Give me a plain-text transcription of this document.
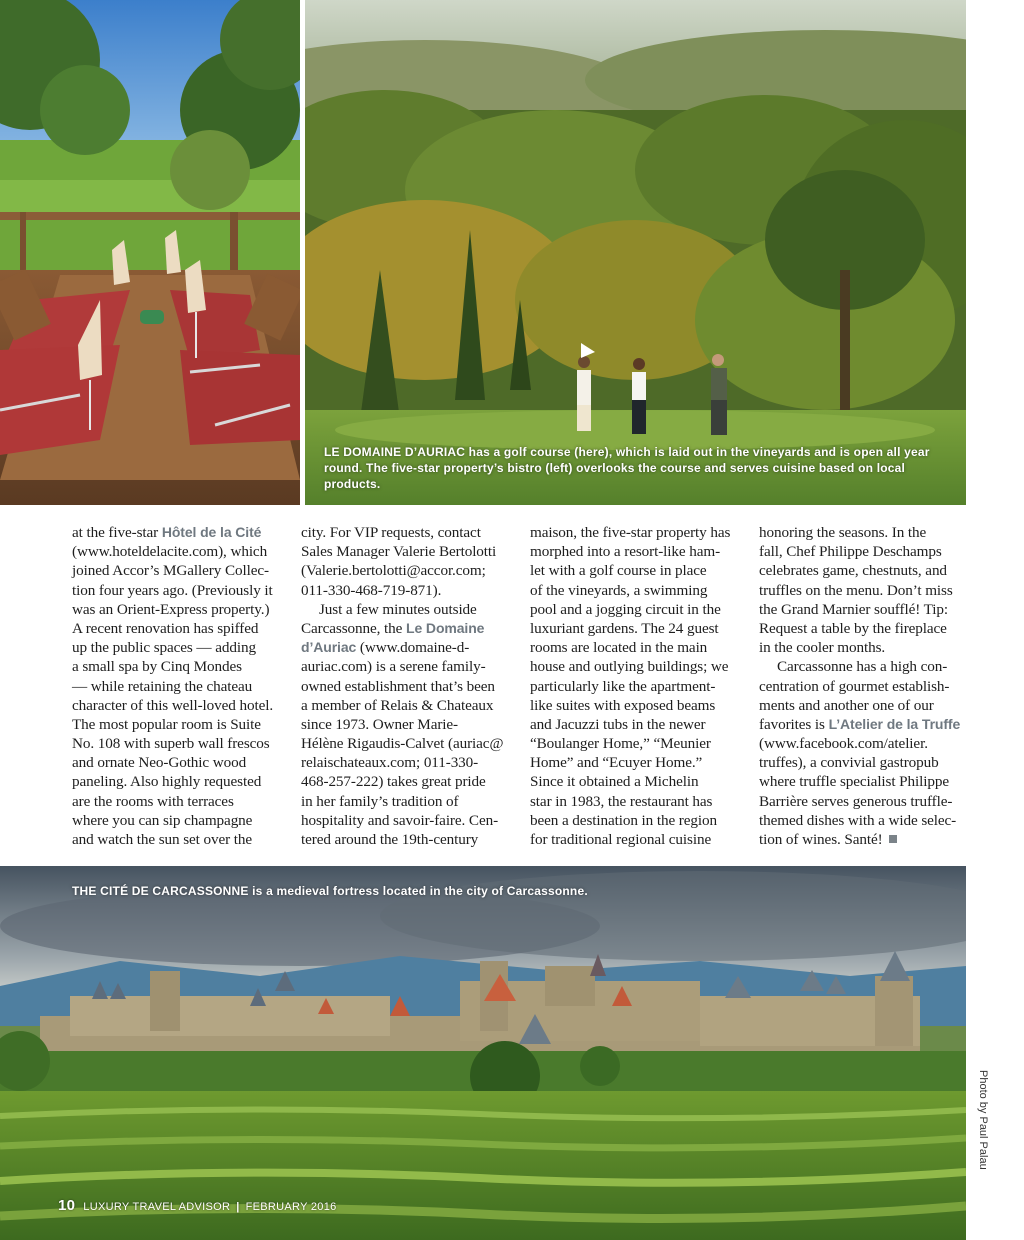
LE DOMAINE D’AURIAC has a golf course (here), which is laid out in the vineyards and is open all year round. The five-star property’s bistro (left) overlooks the course and serves cuisine based on local products.
at the five-star Hôtel de la Cité
(www.hoteldelacite.com), which
joined Accor’s MGallery Collec-
tion four years ago. (Previously it
was an Orient-Express property.)
A recent renovation has spiffed
up the public spaces — adding
a small spa by Cinq Mondes
— while retaining the chateau
character of this well-loved hotel.
The most popular room is Suite
No. 108 with superb wall frescos
and ornate Neo-Gothic wood
paneling. Also highly requested
are the rooms with terraces
where you can sip champagne
and watch the sun set over the
city. For VIP requests, contact
Sales Manager Valerie Bertolotti
(Valerie.bertolotti@accor.com;
011-330-468-719-871).
Just a few minutes outside
Carcassonne, the Le Domaine
d’Auriac (www.domaine-d-
auriac.com) is a serene family-
owned establishment that’s been
a member of Relais & Chateaux
since 1973. Owner Marie-
Hélène Rigaudis-Calvet (auriac@
relaischateaux.com; 011-330-
468-257-222) takes great pride
in her family’s tradition of
hospitality and savoir-faire. Cen-
tered around the 19th-century
maison, the five-star property has
morphed into a resort-like ham-
let with a golf course in place
of the vineyards, a swimming
pool and a jogging circuit in the
luxuriant gardens. The 24 guest
rooms are located in the main
house and outlying buildings; we
particularly like the apartment-
like suites with exposed beams
and Jacuzzi tubs in the newer
“Boulanger Home,” “Meunier
Home” and “Ecuyer Home.”
Since it obtained a Michelin
star in 1983, the restaurant has
been a destination in the region
for traditional regional cuisine
honoring the seasons. In the
fall, Chef Philippe Deschamps
celebrates game, chestnuts, and
truffles on the menu. Don’t miss
the Grand Marnier soufflé! Tip:
Request a table by the fireplace
in the cooler months.
Carcassonne has a high con-
centration of gourmet establish-
ments and another one of our
favorites is L’Atelier de la Truffe
(www.facebook.com/atelier.
truffes), a convivial gastropub
where truffle specialist Philippe
Barrière serves generous truffle-
themed dishes with a wide selec-
tion of wines. Santé!
THE CITÉ DE CARCASSONNE is a medieval fortress located in the city of Carcassonne.
Photo by Paul Palau
10 LUXURY TRAVEL ADVISOR | FEBRUARY 2016
